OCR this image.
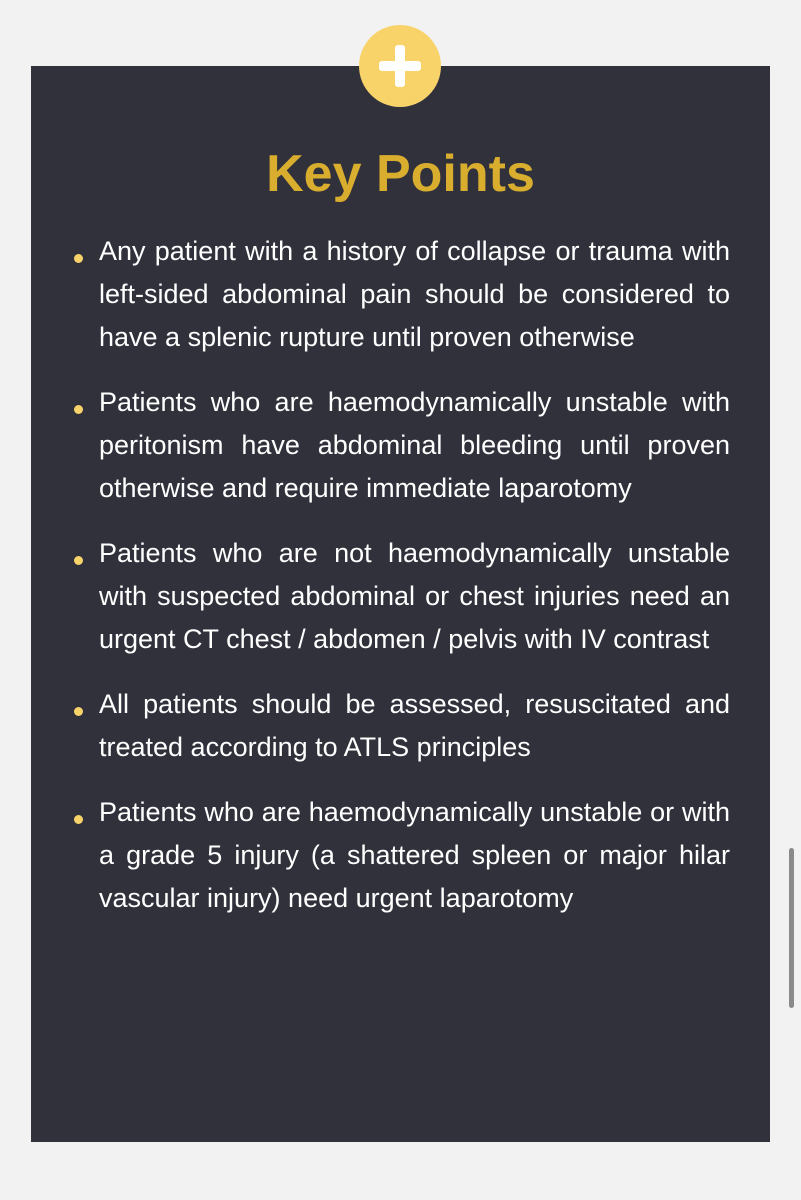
Key Points
Any patient with a history of collapse or trauma with left-sided abdominal pain should be considered to have a splenic rupture until proven otherwise
Patients who are haemodynamically unstable with peritonism have abdominal bleeding until proven otherwise and require immediate laparotomy
Patients who are not haemodynamically unstable with suspected abdominal or chest injuries need an urgent CT chest / abdomen / pelvis with IV contrast
All patients should be assessed, resuscitated and treated according to ATLS principles
Patients who are haemodynamically unstable or with a grade 5 injury (a shattered spleen or major hilar vascular injury) need urgent laparotomy
